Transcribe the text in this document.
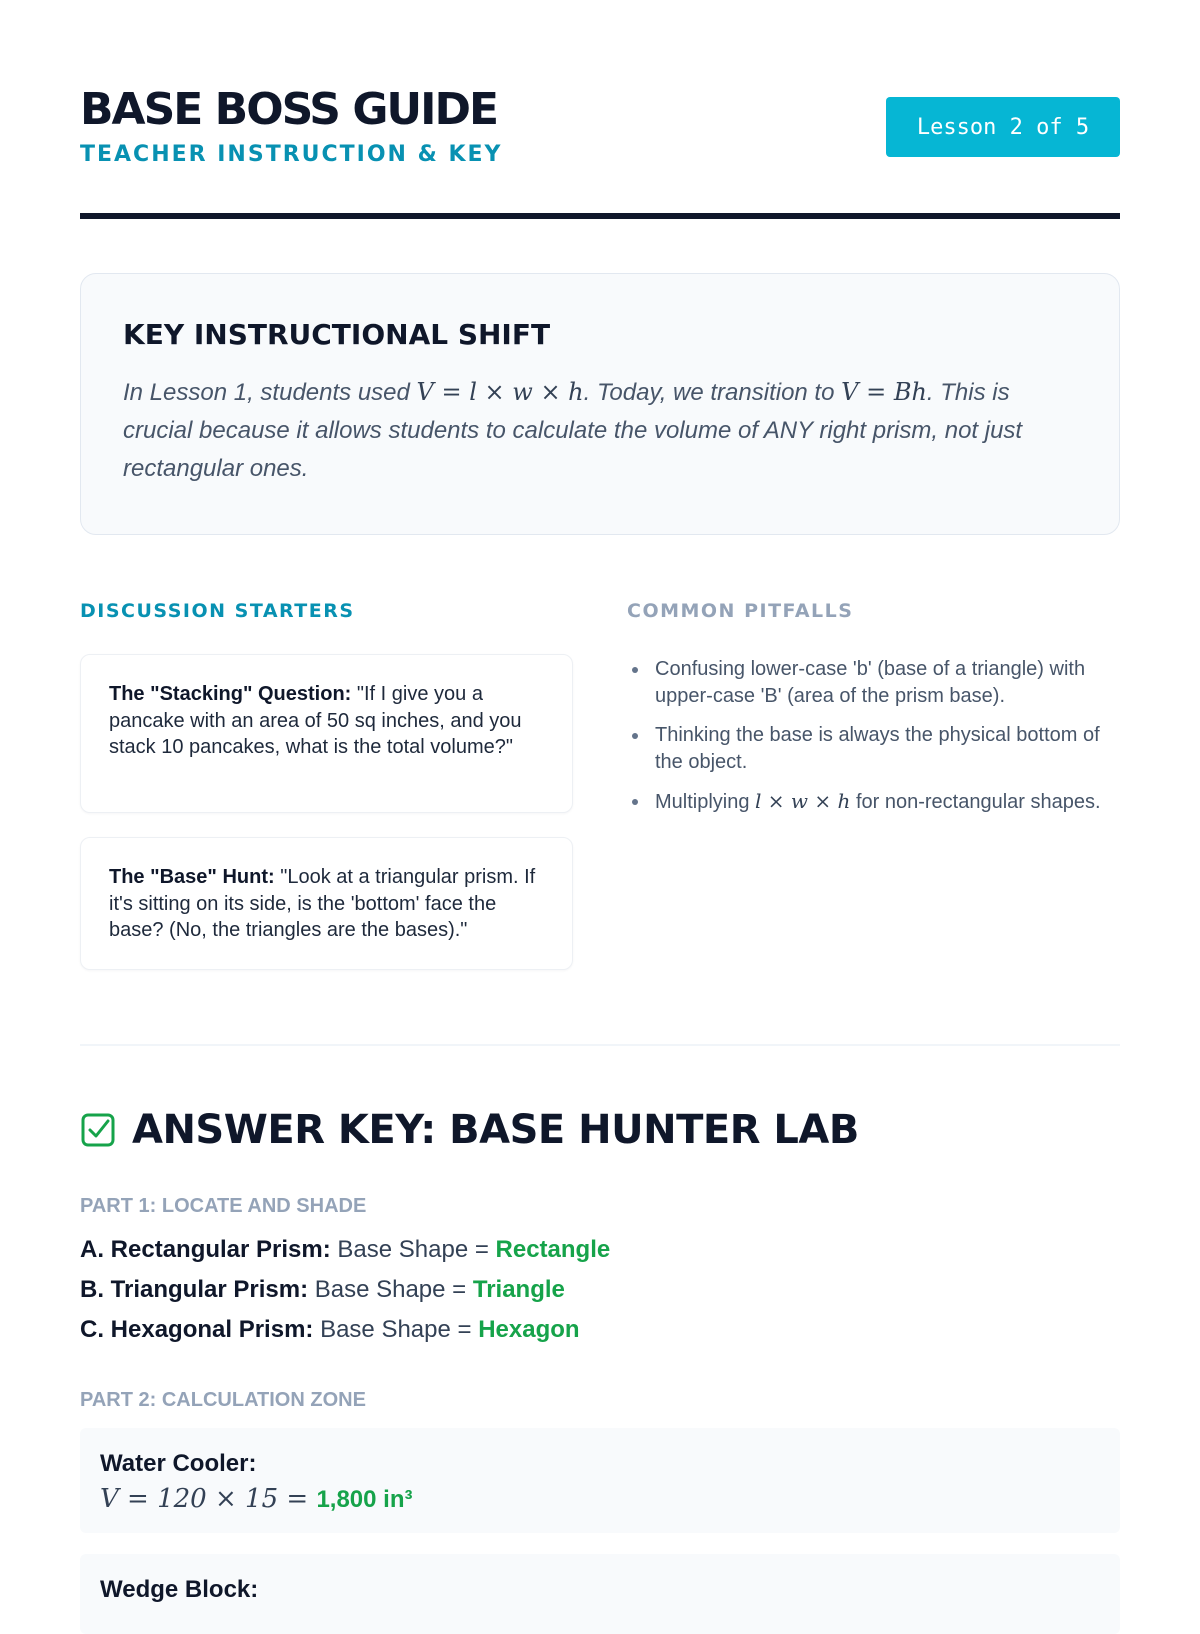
BASE BOSS GUIDE
TEACHER INSTRUCTION & KEY
Lesson 2 of 5
KEY INSTRUCTIONAL SHIFT

In Lesson 1, students used V = l × w × h. Today, we transition to V = Bh. This is crucial because it allows students to calculate the volume of ANY right prism, not just rectangular ones.

DISCUSSION STARTERS
The "Stacking" Question: "If I give you a pancake with an area of 50 sq inches, and you stack 10 pancakes, what is the total volume?"
The "Base" Hunt: "Look at a triangular prism. If it's sitting on its side, is the 'bottom' face the base? (No, the triangles are the bases)."
COMMON PITFALLS
Confusing lower-case 'b' (base of a triangle) with upper-case 'B' (area of the prism base).
Thinking the base is always the physical bottom of the object.
Multiplying l × w × h for non-rectangular shapes.
ANSWER KEY: BASE HUNTER LAB
PART 1: LOCATE AND SHADE
A. Rectangular Prism: Base Shape = Rectangle
B. Triangular Prism: Base Shape = Triangle
C. Hexagonal Prism: Base Shape = Hexagon
PART 2: CALCULATION ZONE
Water Cooler:
V = 120 × 15 = 1,800 in³
Wedge Block:
